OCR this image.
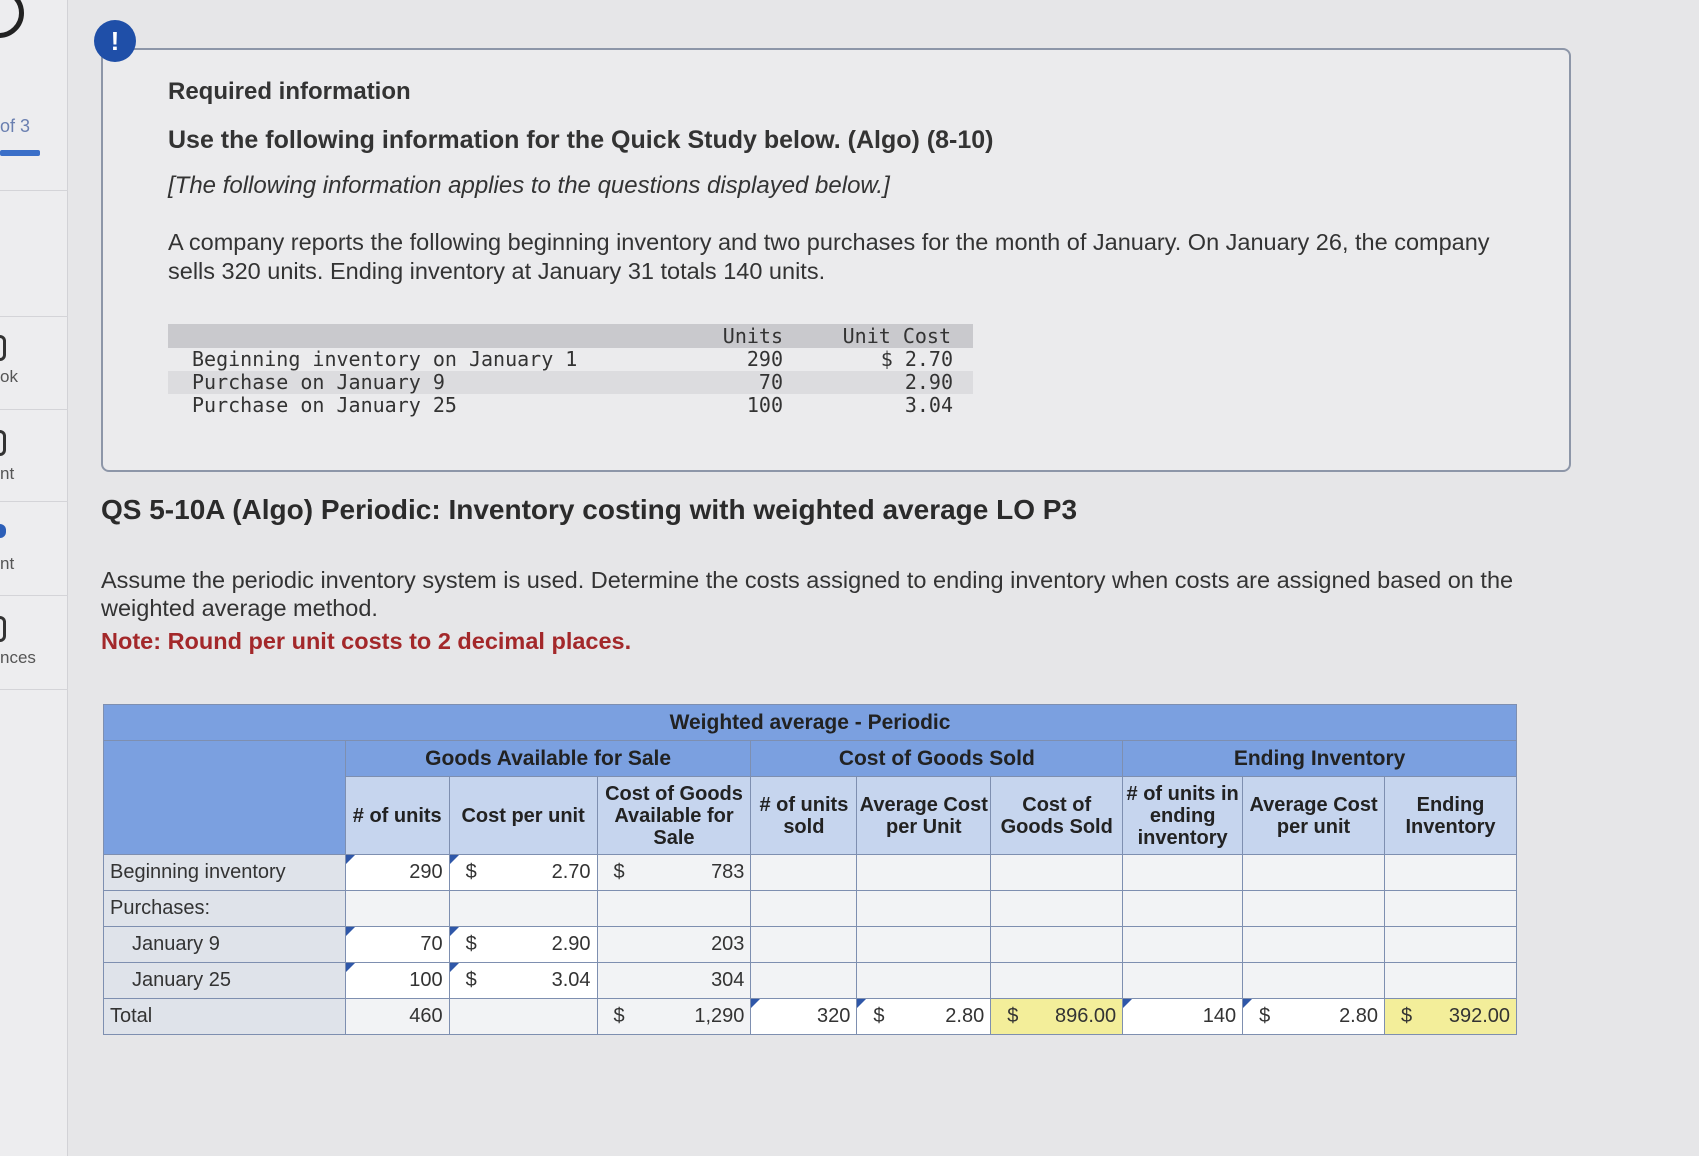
of 3
ok
nt
nt
nces
!
Required information
Use the following information for the Quick Study below. (Algo) (8-10)
[The following information applies to the questions displayed below.]
A company reports the following beginning inventory and two purchases for the month of January. On January 26, the company sells 320 units. Ending inventory at January 31 totals 140 units.
	Units	Unit Cost
Beginning inventory on January 1	290	$ 2.70
Purchase on January 9	70	2.90
Purchase on January 25	100	3.04
QS 5-10A (Algo) Periodic: Inventory costing with weighted average LO P3
Assume the periodic inventory system is used. Determine the costs assigned to ending inventory when costs are assigned based on the weighted average method.
Note: Round per unit costs to 2 decimal places.
Weighted average - Periodic									
	Goods Available for Sale			Cost of Goods Sold			Ending Inventory		
	# of units	Cost per unit	Cost of Goods Available for Sale	# of units sold	Average Cost per Unit	Cost of Goods Sold	# of units in ending inventory	Average Cost per unit	Ending Inventory
Beginning inventory	290	$ 2.70	$ 783						

Purchases:									
January 9	70	$ 2.90	203						
January 25	100	$ 3.04	304						
Total	460		$ 1,290	320	$ 2.80	$ 896.00	140	$ 2.80	$ 392.00
